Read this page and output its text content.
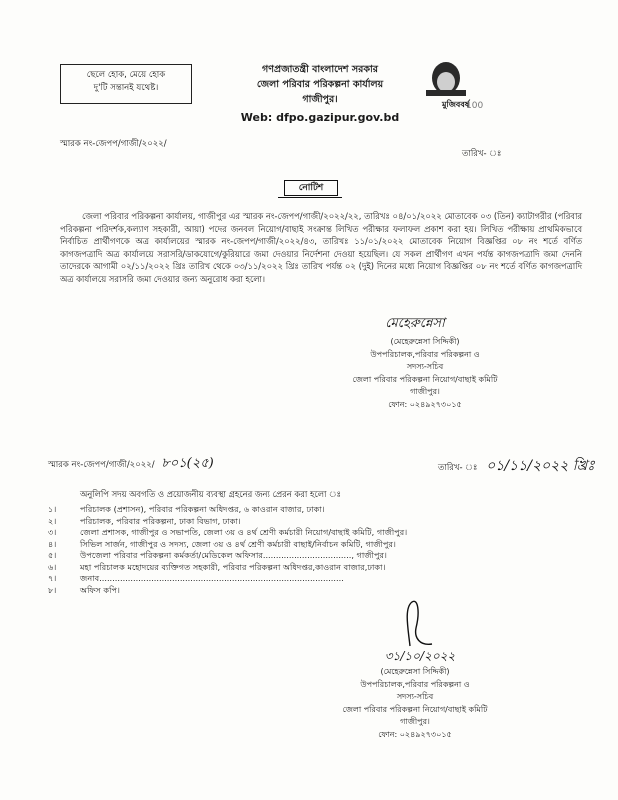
ছেলে হোক, মেয়ে হোক
দু'টি সন্তানই যথেষ্ট।
গণপ্রজাতন্ত্রী বাংলাদেশ সরকার
জেলা পরিবার পরিকল্পনা কার্যালয়
গাজীপুর।
Web: dfpo.gazipur.gov.bd
মুজিববর্ষ
100
স্মারক নং-জেপপ/গাজী/২০২২/
তারিখ- ঃ
নোটিশ
জেলা পরিবার পরিকল্পনা কার্যালয়, গাজীপুর এর স্মারক নং-জেপপ/গাজী/২০২২/২২, তারিখঃ ০৪/০১/২০২২ মোতাবেক ০৩ (তিন) ক্যাটাগরীর (পরিবার পরিকল্পনা পরিদর্শক,কল্যাণ সহকারী, আয়া) পদের জনবল নিয়োগ/বাছাই সংক্রান্ত লিখিত পরীক্ষার ফলাফল প্রকাশ করা হয়। লিখিত পরীক্ষায় প্রাথমিকভাবে নির্বাচিত প্রার্থীগণকে অত্র কার্যালয়ের স্মারক নং-জেপপ/গাজী/২০২২/৪৩, তারিখঃ ১১/০১/২০২২ মোতাবেক নিয়োগ বিজ্ঞপ্তির ০৮ নং শর্তে বর্ণিত কাগজপত্রাদি অত্র কার্যালয়ে সরাসরি/ডাকযোগে/কুরিয়ারে জমা দেওয়ার নির্দেশনা দেওয়া হয়েছিল। যে সকল প্রার্থীগণ এখন পর্যন্ত কাগজপত্রাদি জমা দেননি তাদেরকে আগামী ০২/১১/২০২২ খ্রিঃ তারিখ থেকে ০৩/১১/২০২২ খ্রিঃ তারিখ পর্যন্ত ০২ (দুই) দিনের মধ্যে নিয়োগ বিজ্ঞপ্তির ০৮ নং শর্তে বর্ণিত কাগজপত্রাদি অত্র কার্যালয়ে সরাসরি জমা দেওয়ার জন্য অনুরোধ করা হলো।
মেহেরুন্নেসা
(মেহেরুন্নেসা সিদ্দিকী)
উপপরিচালক,পরিবার পরিকল্পনা ও
সদস্য-সচিব
জেলা পরিবার পরিকল্পনা নিয়োগ/বাছাই কমিটি
গাজীপুর।
ফোন: ০২৪৯২৭৩০১৫
স্মারক নং-জেপপ/গাজী/২০২২/ ৮০১(২৫)	তারিখ- ঃ ০১/১১/২০২২ খ্রিঃ
অনুলিপি সদয় অবগতি ও প্রয়োজনীয় ব্যবস্থা গ্রহনের জন্য প্রেরন করা হলো ঃ
১।	পরিচালক (প্রশাসন), পরিবার পরিকল্পনা অধিদপ্তর, ৬ কাওরান বাজার, ঢাকা।
২।	পরিচালক, পরিবার পরিকল্পনা, ঢাকা বিভাগ, ঢাকা।
৩।	জেলা প্রশাসক, গাজীপুর ও সভাপতি, জেলা ৩য় ও ৪র্থ শ্রেণী কর্মচারী নিয়োগ/বাছাই কমিটি, গাজীপুর।
৪।	সিভিল সার্জন, গাজীপুর ও সদস্য, জেলা ৩য় ও ৪র্থ শ্রেণী কর্মচারী বাছাই/নির্বাচন কমিটি, গাজীপুর।
৫।	উপজেলা পরিবার পরিকল্পনা কর্মকর্তা/মেডিকেল অফিসার.................................., গাজীপুর।
৬।	মহা পরিচালক মহোদয়ের ব্যক্তিগত সহকারী, পরিবার পরিকল্পনা অধিদপ্তর,কাওরান বাজার,ঢাকা।
৭।	জনাব..............................................................................................
৮।	অফিস কপি।
৩১/১০/২০২২
(মেহেরুন্নেসা সিদ্দিকী)
উপপরিচালক,পরিবার পরিকল্পনা ও
সদস্য-সচিব
জেলা পরিবার পরিকল্পনা নিয়োগ/বাছাই কমিটি
গাজীপুর।
ফোন: ০২৪৯২৭৩০১৫
